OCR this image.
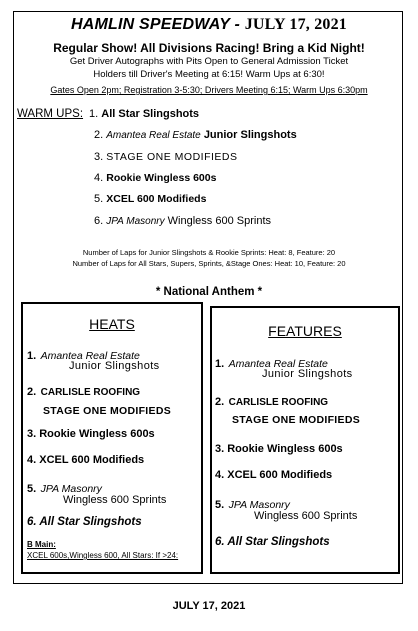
HAMLIN SPEEDWAY - JULY 17, 2021
Regular Show! All Divisions Racing! Bring a Kid Night!
Get Driver Autographs with Pits Open to General Admission Ticket
Holders till Driver's Meeting at 6:15! Warm Ups at 6:30!
Gates Open 2pm; Registration 3-5:30; Drivers Meeting 6:15; Warm Ups 6:30pm
WARM UPS: 1. All Star Slingshots
2. Amantea Real Estate Junior Slingshots
3. STAGE ONE MODIFIEDS
4. Rookie Wingless 600s
5. XCEL 600 Modifieds
6. JPA Masonry Wingless 600 Sprints
Number of Laps for Junior Slingshots & Rookie Sprints: Heat: 8, Feature: 20
Number of Laps for All Stars, Supers, Sprints, &Stage Ones: Heat: 10, Feature: 20
* National Anthem *
HEATS
1. Amantea Real Estate
Junior Slingshots
2. CARLISLE ROOFING
STAGE ONE MODIFIEDS
3. Rookie Wingless 600s
4. XCEL 600 Modifieds
5. JPA Masonry
Wingless 600 Sprints
6. All Star Slingshots
B Main:
XCEL 600s,Wingless 600, All Stars: If >24:
FEATURES
1. Amantea Real Estate
Junior Slingshots
2. CARLISLE ROOFING
STAGE ONE MODIFIEDS
3. Rookie Wingless 600s
4. XCEL 600 Modifieds
5. JPA Masonry
Wingless 600 Sprints
6. All Star Slingshots
JULY 17, 2021
